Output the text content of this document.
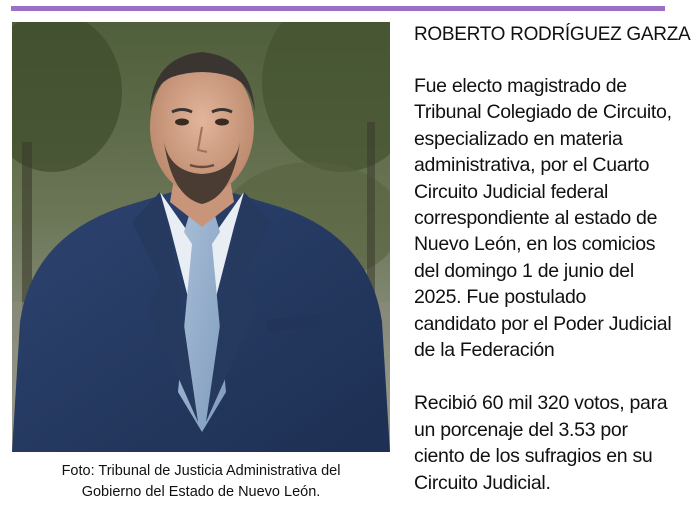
Foto: Tribunal de Justicia Administrativa del
Gobierno del Estado de Nuevo León.
ROBERTO RODRÍGUEZ GARZA
Fue electo magistrado de
Tribunal Colegiado de Circuito,
especializado en materia
administrativa, por el Cuarto
Circuito Judicial federal
correspondiente al estado de
Nuevo León, en los comicios
del domingo 1 de junio del
2025. Fue postulado
candidato por el Poder Judicial
de la Federación
Recibió 60 mil 320 votos, para
un porcenaje del 3.53 por
ciento de los sufragios en su
Circuito Judicial.
